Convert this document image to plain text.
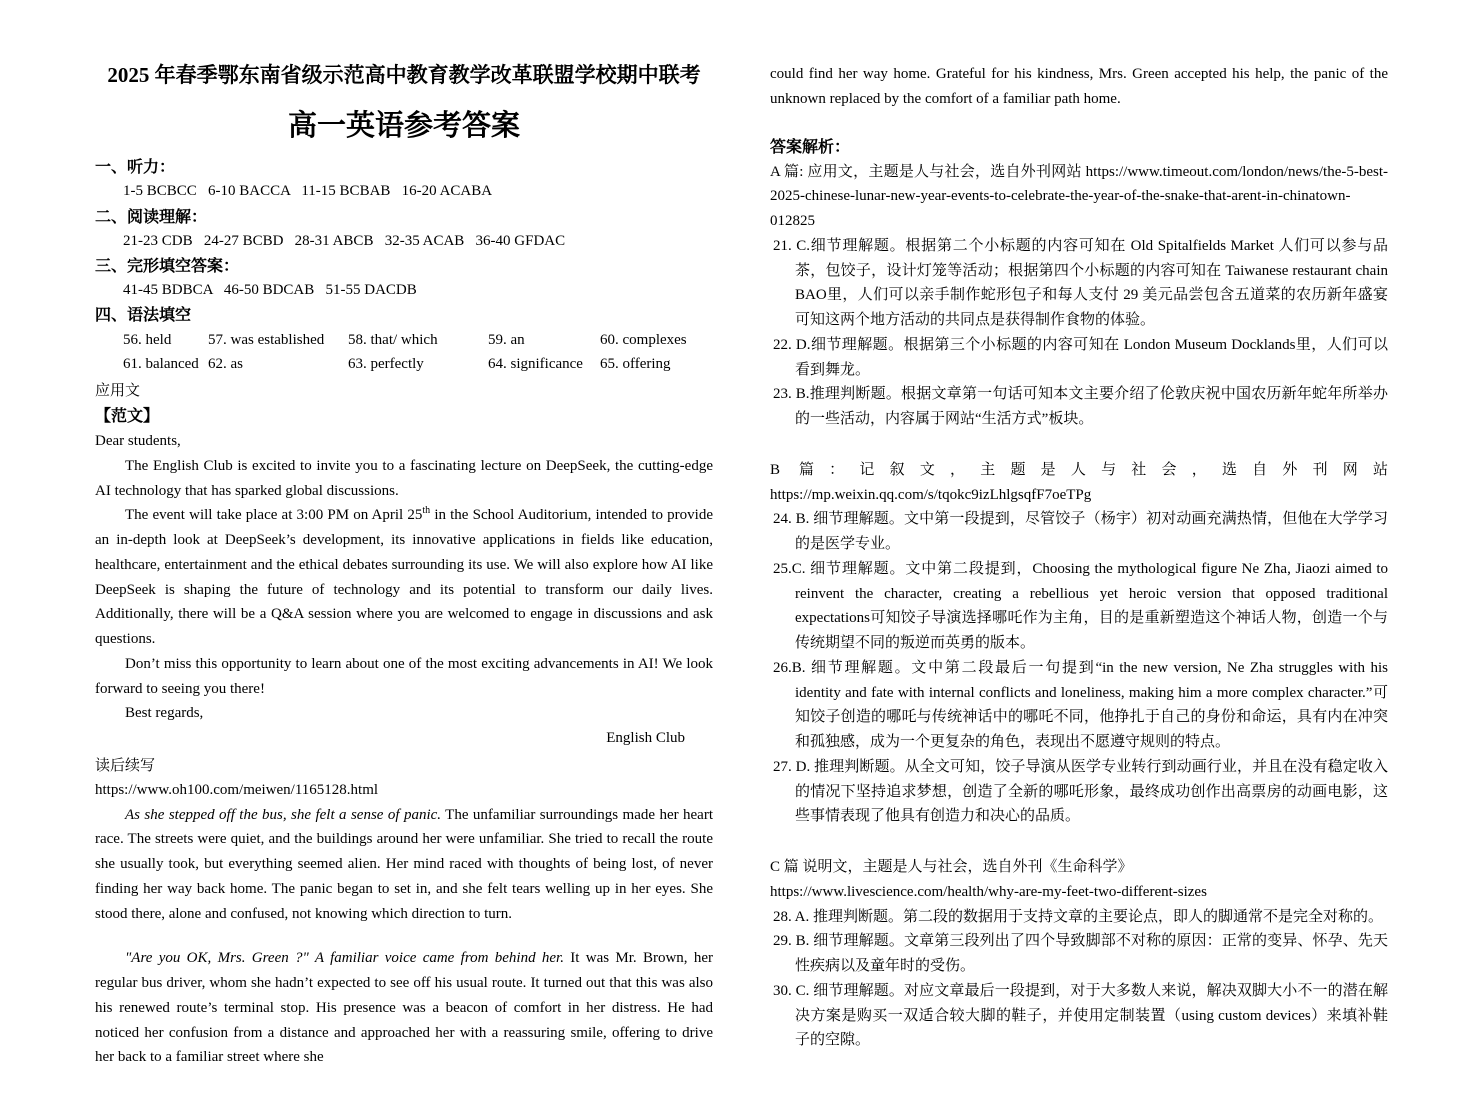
2025 年春季鄂东南省级示范高中教育教学改革联盟学校期中联考
高一英语参考答案
一、听力：
1-5 BCBCC   6-10 BACCA   11-15 BCBAB   16-20 ACABA
二、阅读理解：
21-23 CDB   24-27 BCBD   28-31 ABCB   32-35 ACAB   36-40 GFDAC
三、完形填空答案：
41-45 BDBCA   46-50 BDCAB   51-55 DACDB
四、语法填空
56. held	57. was established	58. that/ which	59. an	60. complexes
61. balanced 62. as	63. perfectly	64. significance	65. offering
应用文
【范文】

Dear students,

The English Club is excited to invite you to a fascinating lecture on DeepSeek, the cutting-edge AI technology that has sparked global discussions.

The event will take place at 3:00 PM on April 25th in the School Auditorium, intended to provide an in-depth look at DeepSeek’s development, its innovative applications in fields like education, healthcare, entertainment and the ethical debates surrounding its use. We will also explore how AI like DeepSeek is shaping the future of technology and its potential to transform our daily lives. Additionally, there will be a Q&A session where you are welcomed to engage in discussions and ask questions.

Don’t miss this opportunity to learn about one of the most exciting advancements in AI! We look forward to seeing you there!

Best regards,

English Club

读后续写
https://www.oh100.com/meiwen/1165128.html

As she stepped off the bus, she felt a sense of panic. The unfamiliar surroundings made her heart race. The streets were quiet, and the buildings around her were unfamiliar. She tried to recall the route she usually took, but everything seemed alien. Her mind raced with thoughts of being lost, of never finding her way back home. The panic began to set in, and she felt tears welling up in her eyes. She stood there, alone and confused, not knowing which direction to turn.

"Are you OK, Mrs. Green ?" A familiar voice came from behind her. It was Mr. Brown, her regular bus driver, whom she hadn’t expected to see off his usual route. It turned out that this was also his renewed route’s terminal stop. His presence was a beacon of comfort in her distress. He had noticed her confusion from a distance and approached her with a reassuring smile, offering to drive her back to a familiar street where she

could find her way home. Grateful for his kindness, Mrs. Green accepted his help, the panic of the unknown replaced by the comfort of a familiar path home.

答案解析：

A 篇: 应用文，主题是人与社会，选自外刊网站 https://www.timeout.com/london/news/the-5-best-2025-chinese-lunar-new-year-events-to-celebrate-the-year-of-the-snake-that-arent-in-chinatown-012825

21. C.细节理解题。根据第二个小标题的内容可知在 Old Spitalfields Market 人们可以参与品茶，包饺子，设计灯笼等活动；根据第四个小标题的内容可知在 Taiwanese restaurant chain BAO里，人们可以亲手制作蛇形包子和每人支付 29 美元品尝包含五道菜的农历新年盛宴可知这两个地方活动的共同点是获得制作食物的体验。

22. D.细节理解题。根据第三个小标题的内容可知在 London Museum Docklands里，人们可以看到舞龙。

23. B.推理判断题。根据文章第一句话可知本文主要介绍了伦敦庆祝中国农历新年蛇年所举办的一些活动，内容属于网站“生活方式”板块。

B 篇：记叙文，主题是人与社会，选自外刊网站 https://mp.weixin.qq.com/s/tqokc9izLhlgsqfF7oeTPg

24. B. 细节理解题。文中第一段提到，尽管饺子（杨宇）初对动画充满热情，但他在大学学习的是医学专业。

25.C. 细节理解题。文中第二段提到，Choosing the mythological figure Ne Zha, Jiaozi aimed to reinvent the character, creating a rebellious yet heroic version that opposed traditional expectations可知饺子导演选择哪吒作为主角，目的是重新塑造这个神话人物，创造一个与传统期望不同的叛逆而英勇的版本。

26.B. 细节理解题。文中第二段最后一句提到“in the new version, Ne Zha struggles with his identity and fate with internal conflicts and loneliness, making him a more complex character.”可知饺子创造的哪吒与传统神话中的哪吒不同，他挣扎于自己的身份和命运，具有内在冲突和孤独感，成为一个更复杂的角色，表现出不愿遵守规则的特点。

27. D. 推理判断题。从全文可知，饺子导演从医学专业转行到动画行业，并且在没有稳定收入的情况下坚持追求梦想，创造了全新的哪吒形象，最终成功创作出高票房的动画电影，这些事情表现了他具有创造力和决心的品质。

C 篇 说明文，主题是人与社会，选自外刊《生命科学》

https://www.livescience.com/health/why-are-my-feet-two-different-sizes

28. A. 推理判断题。第二段的数据用于支持文章的主要论点，即人的脚通常不是完全对称的。

29. B. 细节理解题。文章第三段列出了四个导致脚部不对称的原因：正常的变异、怀孕、先天性疾病以及童年时的受伤。

30. C. 细节理解题。对应文章最后一段提到，对于大多数人来说，解决双脚大小不一的潜在解决方案是购买一双适合较大脚的鞋子，并使用定制装置（using custom devices）来填补鞋子的空隙。
